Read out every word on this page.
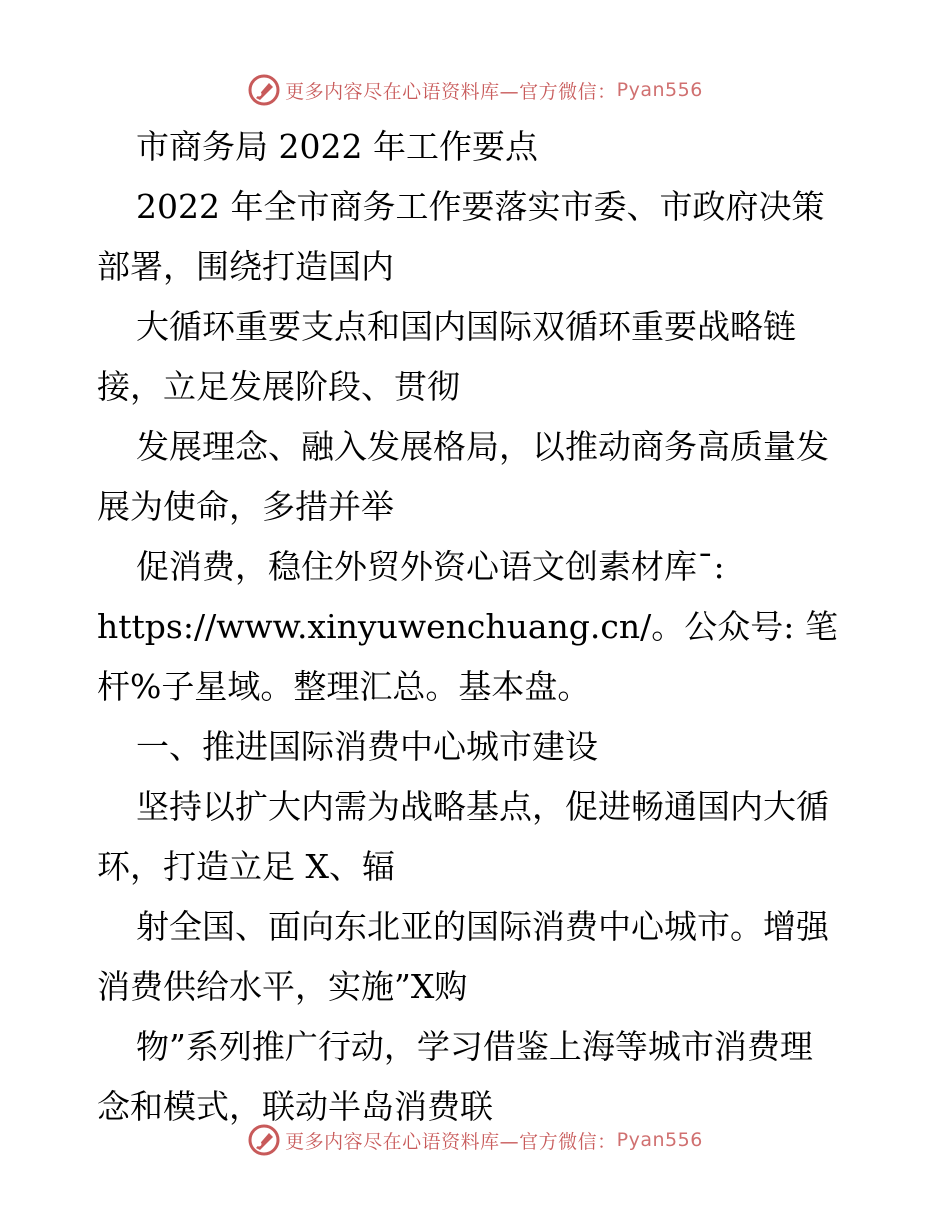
更多内容尽在心语资料库—官方微信： Pyan556
市商务局 2022 年工作要点
2022 年全市商务工作要落实市委、市政府决策
部署，围绕打造国内
大循环重要支点和国内国际双循环重要战略链
接，立足发展阶段、贯彻
发展理念、融入发展格局，以推动商务高质量发
展为使命，多措并举
促消费，稳住外贸外资心语文创素材库¯:
https://www.xinyuwenchuang.cn/。公众号: 笔
杆%子星域。整理汇总。基本盘。
一、推进国际消费中心城市建设
坚持以扩大内需为战略基点，促进畅通国内大循
环，打造立足 X、辐
射全国、面向东北亚的国际消费中心城市。增强
消费供给水平，实施”X购
物”系列推广行动，学习借鉴上海等城市消费理
念和模式，联动半岛消费联
更多内容尽在心语资料库—官方微信： Pyan556
